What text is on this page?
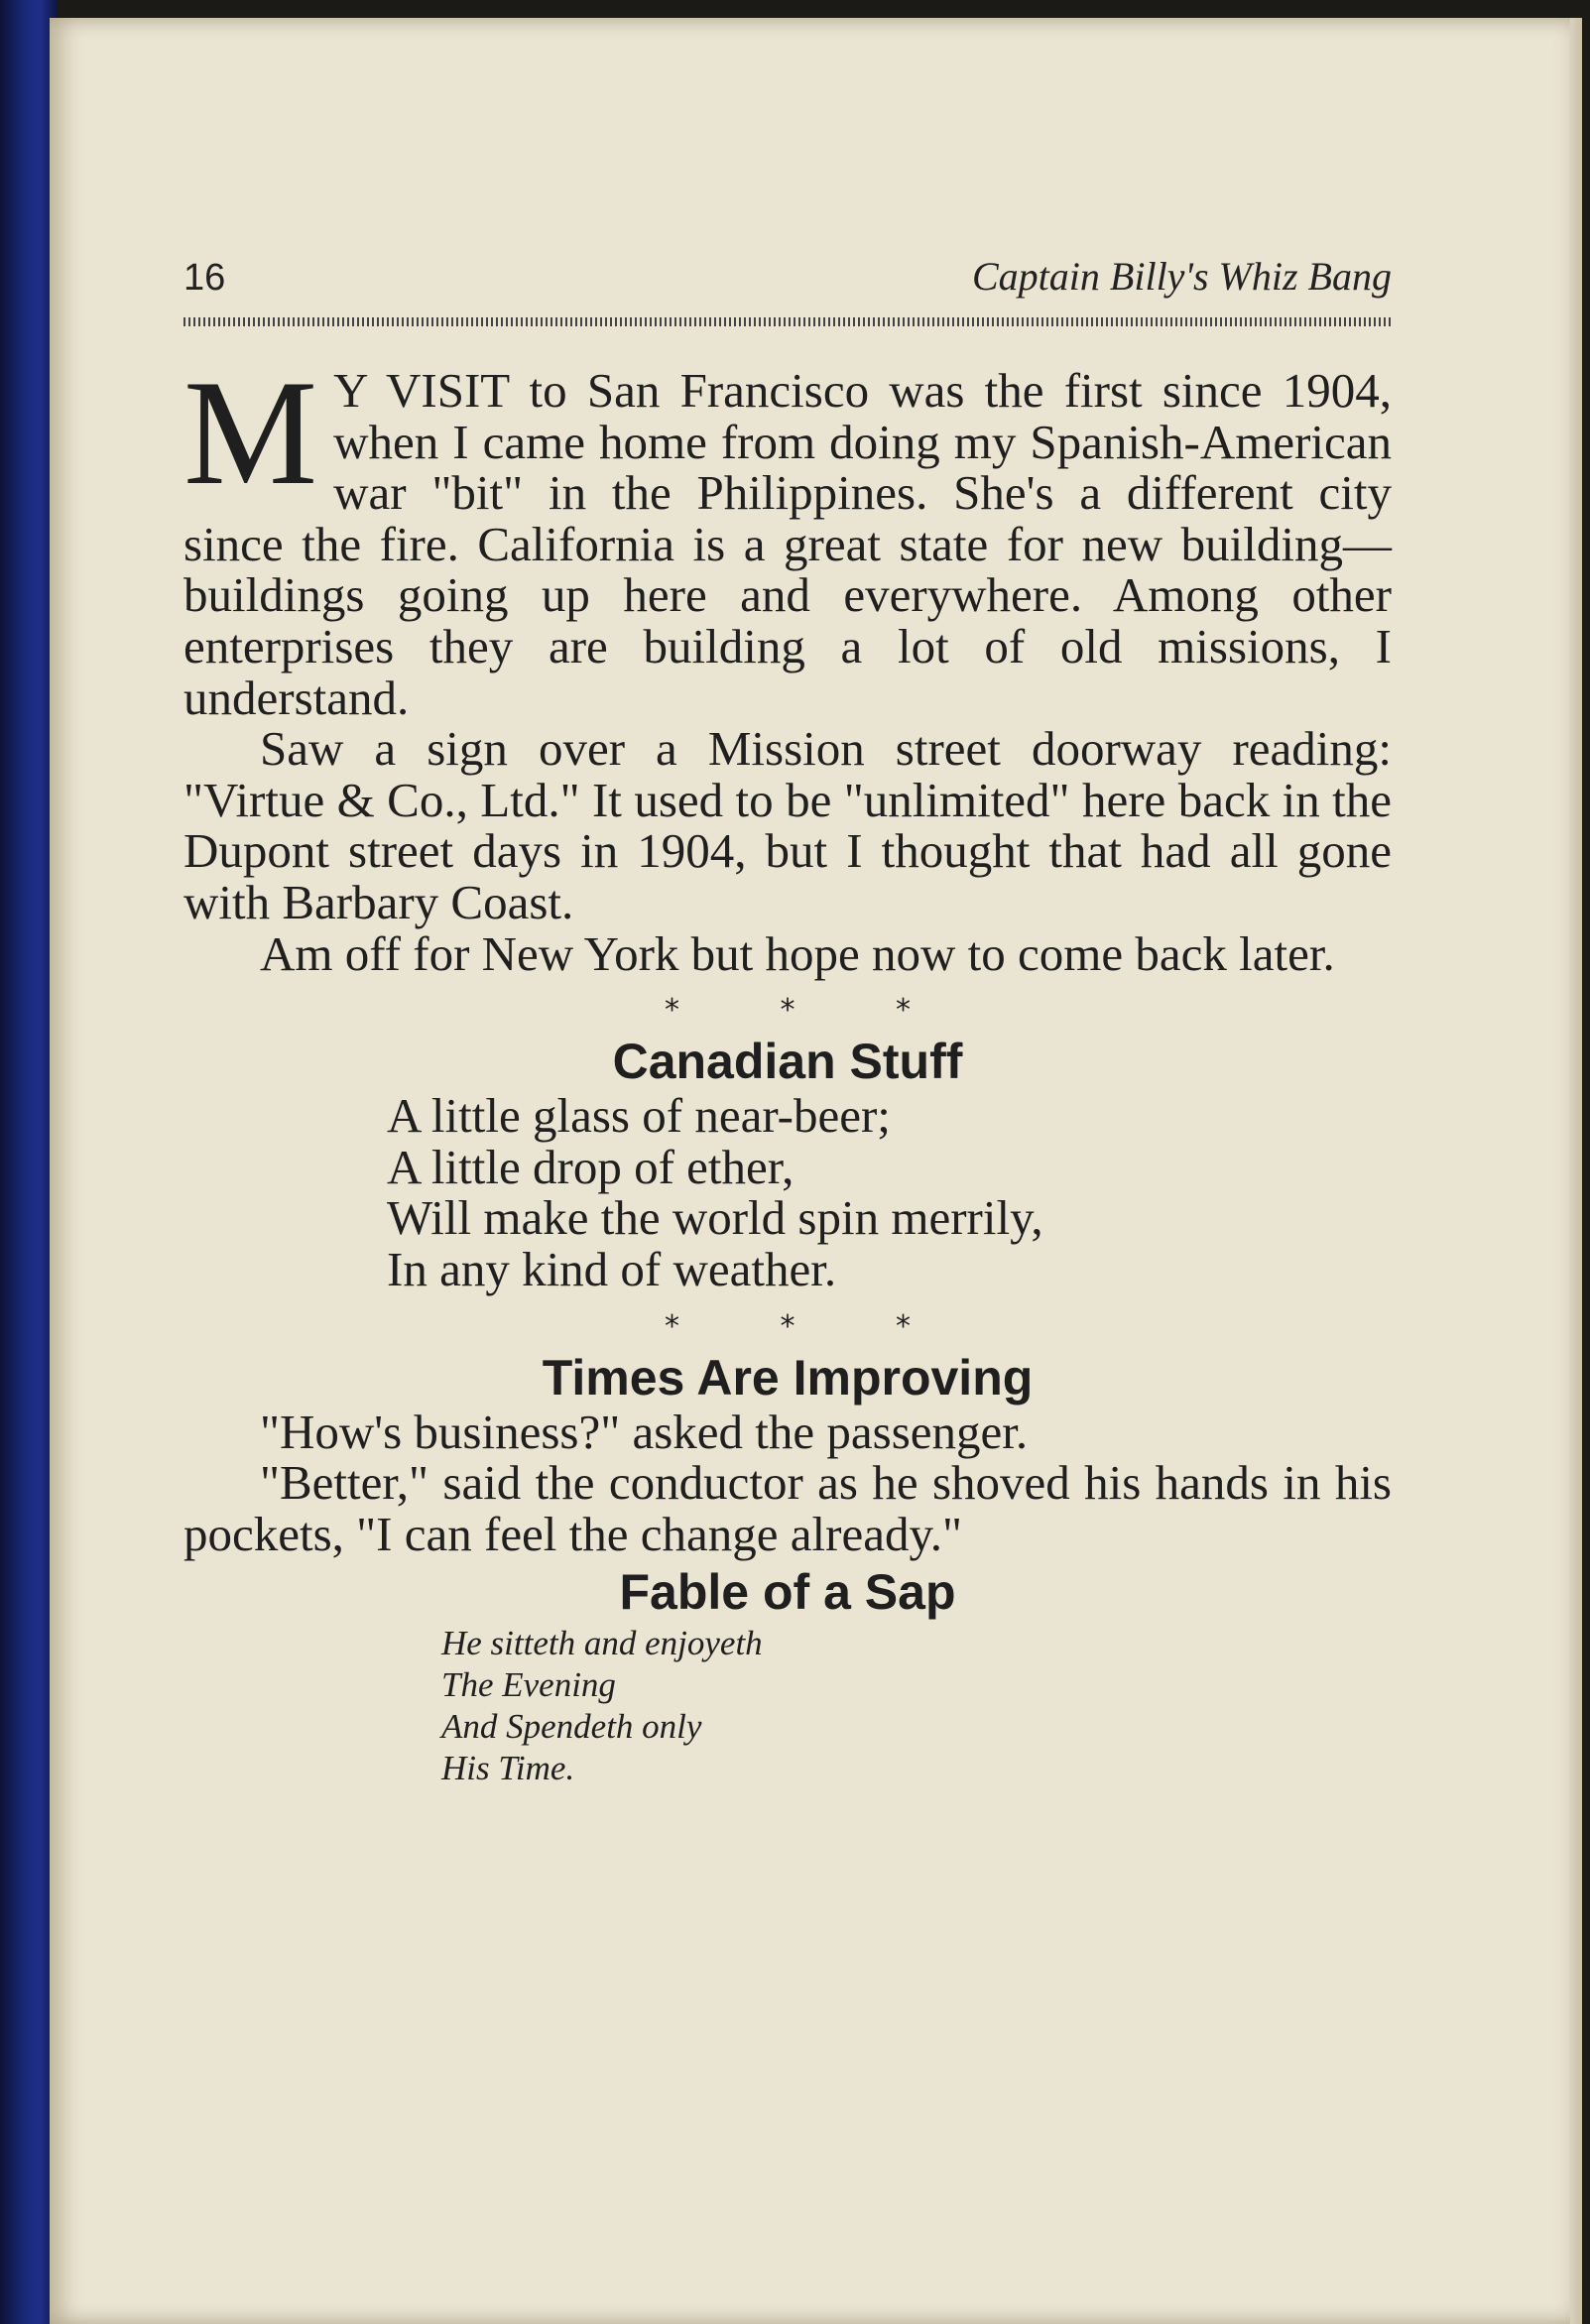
16	Captain Billy's Whiz Bang

M Y VISIT to San Francisco was the first since 1904, when I came home from doing my Spanish-American war "bit" in the Philippines. She's a different city since the fire. California is a great state for new building—buildings going up here and everywhere. Among other enterprises they are building a lot of old missions, I understand.

Saw a sign over a Mission street doorway reading: "Virtue & Co., Ltd." It used to be "unlimited" here back in the Dupont street days in 1904, but I thought that had all gone with Barbary Coast.

Am off for New York but hope now to come back later.

* * *
Canadian Stuff
A little glass of near-beer;
A little drop of ether,
Will make the world spin merrily,
In any kind of weather.
* * *
Times Are Improving

"How's business?" asked the passenger.

"Better," said the conductor as he shoved his hands in his pockets, "I can feel the change already."

Fable of a Sap
He sitteth and enjoyeth
The Evening
And Spendeth only
His Time.
